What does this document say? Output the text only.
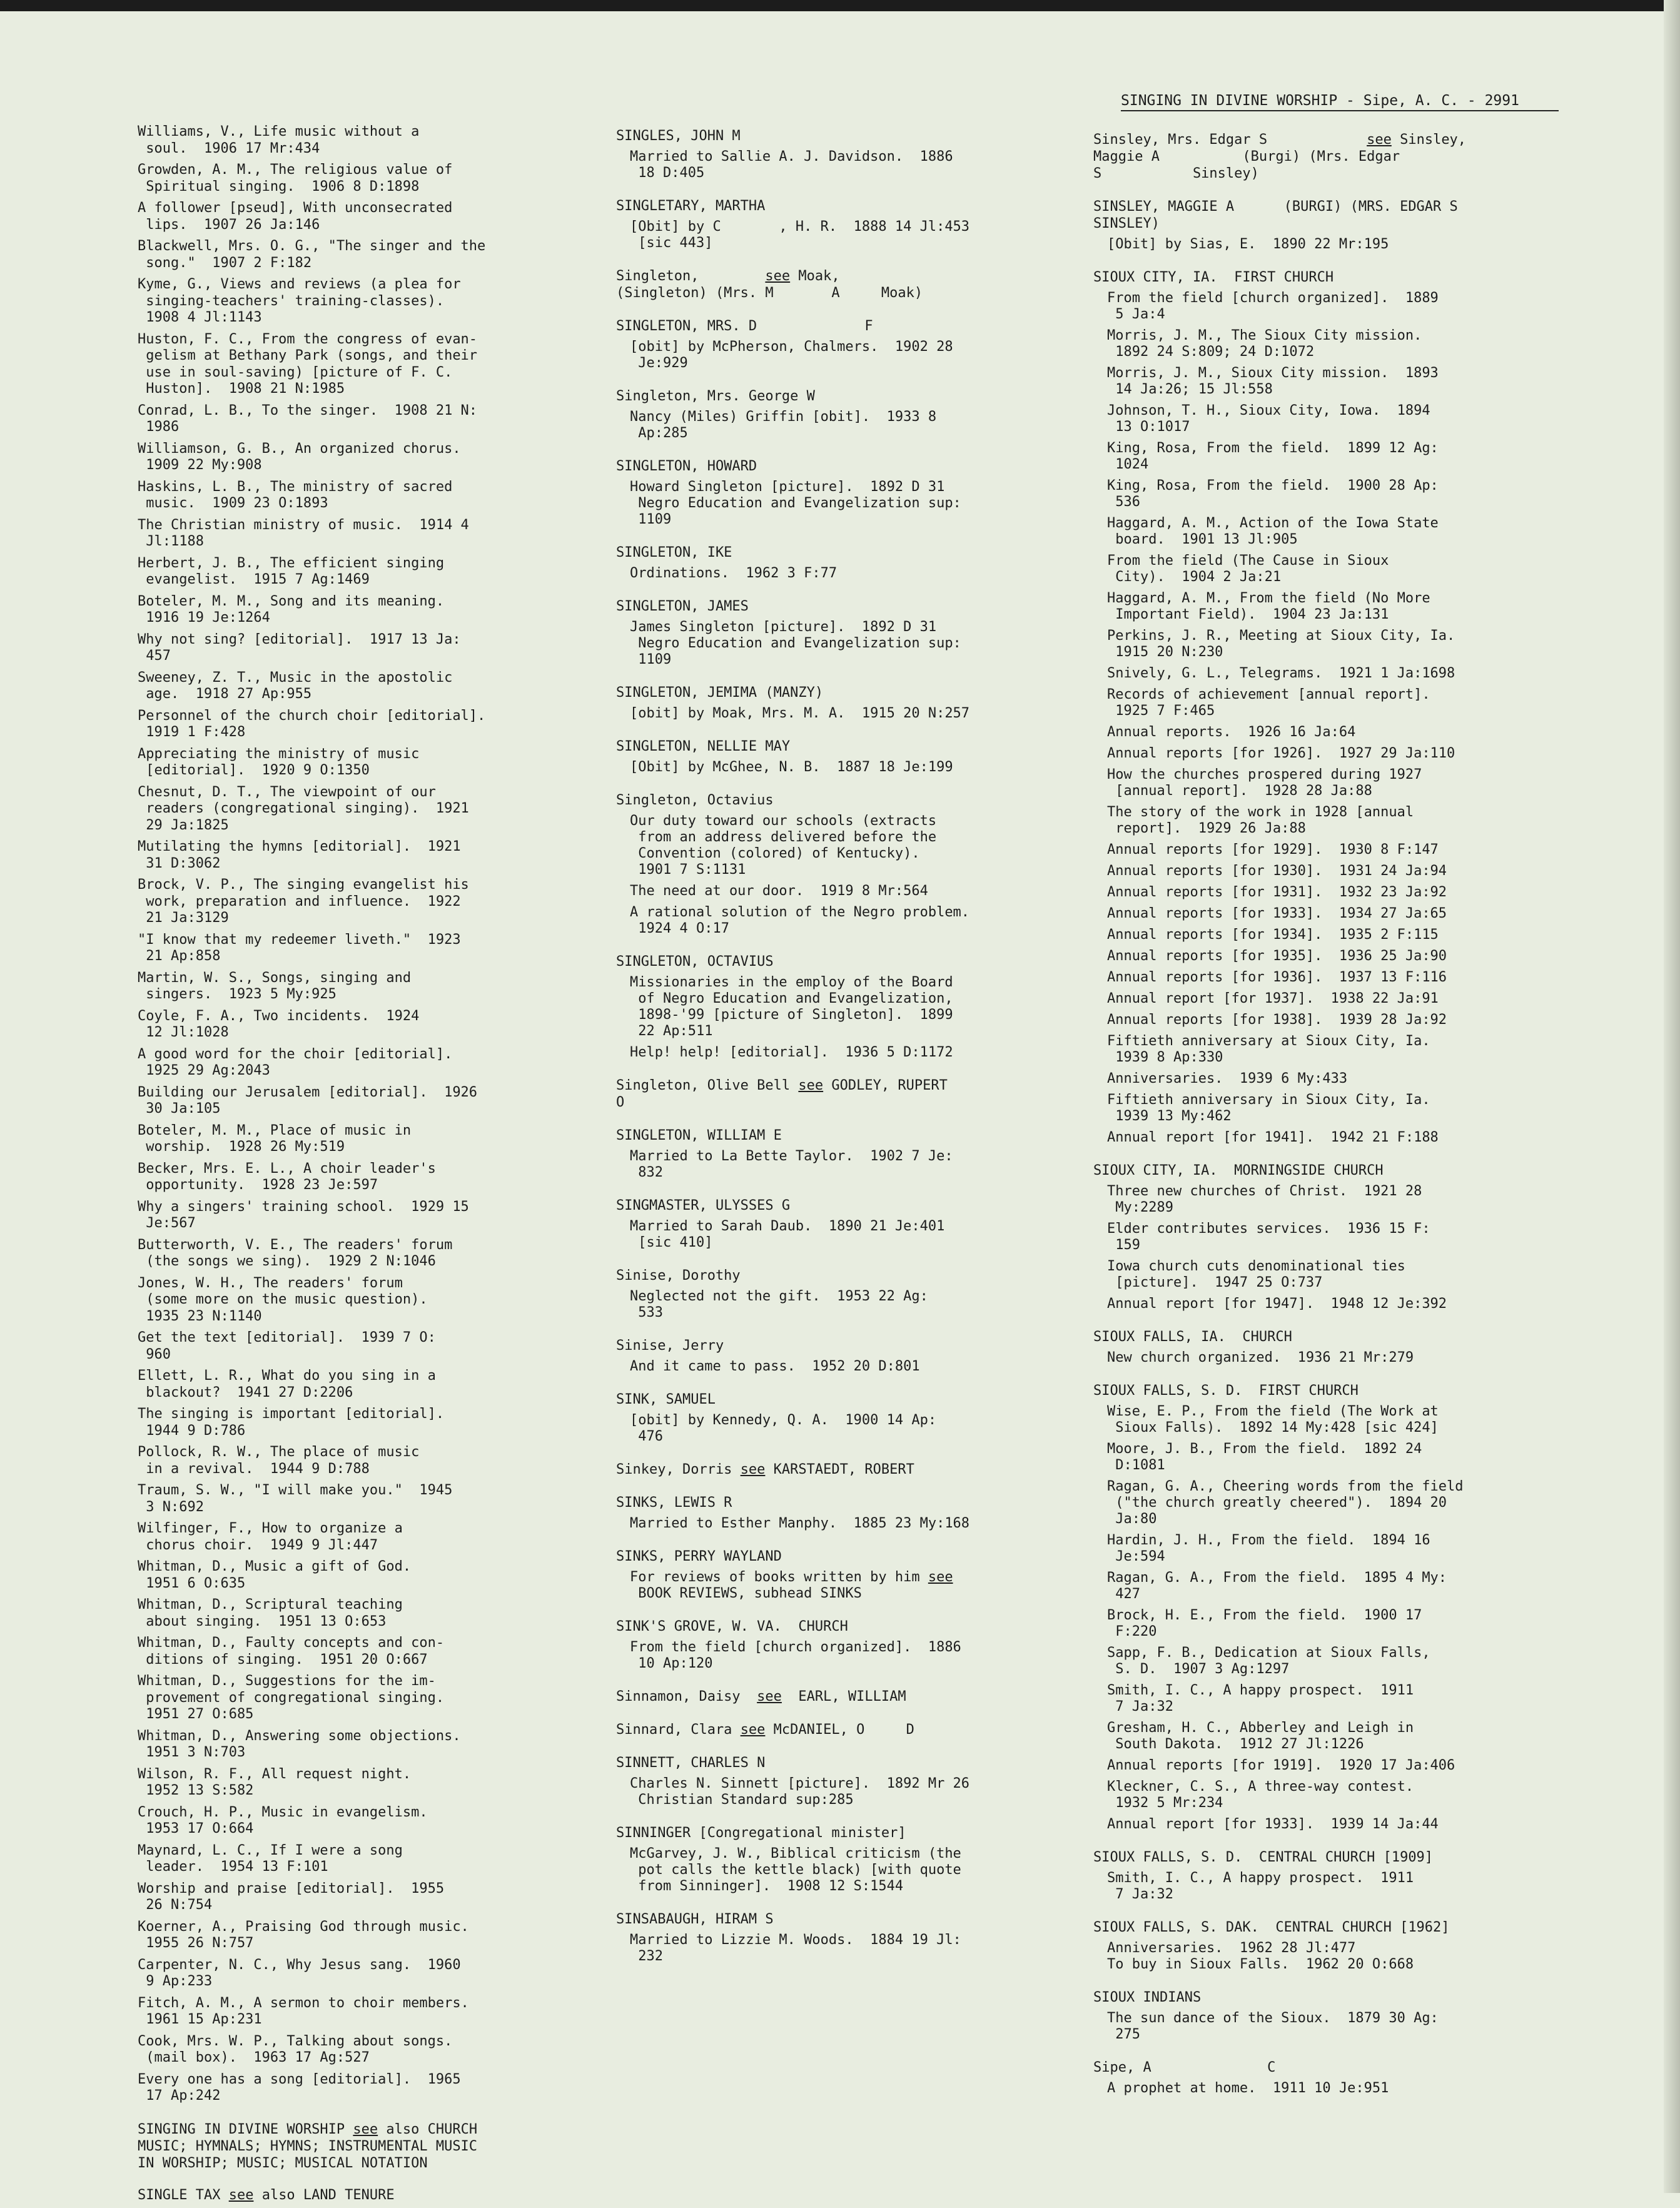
SINGING IN DIVINE WORSHIP - Sipe, A. C. - 2991
Williams, V., Life music without a
soul.  1906 17 Mr:434
Growden, A. M., The religious value of
Spiritual singing.  1906 8 D:1898
A follower [pseud], With unconsecrated
lips.  1907 26 Ja:146
Blackwell, Mrs. O. G., "The singer and the
song."  1907 2 F:182
Kyme, G., Views and reviews (a plea for
singing-teachers' training-classes).
1908 4 Jl:1143
Huston, F. C., From the congress of evan-
gelism at Bethany Park (songs, and their
use in soul-saving) [picture of F. C.
Huston].  1908 21 N:1985
Conrad, L. B., To the singer.  1908 21 N:
1986
Williamson, G. B., An organized chorus.
1909 22 My:908
Haskins, L. B., The ministry of sacred
music.  1909 23 O:1893
The Christian ministry of music.  1914 4
Jl:1188
Herbert, J. B., The efficient singing
evangelist.  1915 7 Ag:1469
Boteler, M. M., Song and its meaning.
1916 19 Je:1264
Why not sing? [editorial].  1917 13 Ja:
457
Sweeney, Z. T., Music in the apostolic
age.  1918 27 Ap:955
Personnel of the church choir [editorial].
1919 1 F:428
Appreciating the ministry of music
[editorial].  1920 9 O:1350
Chesnut, D. T., The viewpoint of our
readers (congregational singing).  1921
29 Ja:1825
Mutilating the hymns [editorial].  1921
31 D:3062
Brock, V. P., The singing evangelist his
work, preparation and influence.  1922
21 Ja:3129
"I know that my redeemer liveth."  1923
21 Ap:858
Martin, W. S., Songs, singing and
singers.  1923 5 My:925
Coyle, F. A., Two incidents.  1924
12 Jl:1028
A good word for the choir [editorial].
1925 29 Ag:2043
Building our Jerusalem [editorial].  1926
30 Ja:105
Boteler, M. M., Place of music in
worship.  1928 26 My:519
Becker, Mrs. E. L., A choir leader's
opportunity.  1928 23 Je:597
Why a singers' training school.  1929 15
Je:567
Butterworth, V. E., The readers' forum
(the songs we sing).  1929 2 N:1046
Jones, W. H., The readers' forum
(some more on the music question).
1935 23 N:1140
Get the text [editorial].  1939 7 O:
960
Ellett, L. R., What do you sing in a
blackout?  1941 27 D:2206
The singing is important [editorial].
1944 9 D:786
Pollock, R. W., The place of music
in a revival.  1944 9 D:788
Traum, S. W., "I will make you."  1945
3 N:692
Wilfinger, F., How to organize a
chorus choir.  1949 9 Jl:447
Whitman, D., Music a gift of God.
1951 6 O:635
Whitman, D., Scriptural teaching
about singing.  1951 13 O:653
Whitman, D., Faulty concepts and con-
ditions of singing.  1951 20 O:667
Whitman, D., Suggestions for the im-
provement of congregational singing.
1951 27 O:685
Whitman, D., Answering some objections.
1951 3 N:703
Wilson, R. F., All request night.
1952 13 S:582
Crouch, H. P., Music in evangelism.
1953 17 O:664
Maynard, L. C., If I were a song
leader.  1954 13 F:101
Worship and praise [editorial].  1955
26 N:754
Koerner, A., Praising God through music.
1955 26 N:757
Carpenter, N. C., Why Jesus sang.  1960
9 Ap:233
Fitch, A. M., A sermon to choir members.
1961 15 Ap:231
Cook, Mrs. W. P., Talking about songs.
(mail box).  1963 17 Ag:527
Every one has a song [editorial].  1965
17 Ap:242
SINGING IN DIVINE WORSHIP see also CHURCH
MUSIC; HYMNALS; HYMNS; INSTRUMENTAL MUSIC
IN WORSHIP; MUSIC; MUSICAL NOTATION
SINGLE TAX see also LAND TENURE
SINGLES, JOHN M
Married to Sallie A. J. Davidson.  1886
18 D:405
SINGLETARY, MARTHA
[Obit] by C       , H. R.  1888 14 Jl:453
[sic 443]
Singleton,        see Moak,
(Singleton) (Mrs. M       A     Moak)
SINGLETON, MRS. D             F
[obit] by McPherson, Chalmers.  1902 28
Je:929
Singleton, Mrs. George W
Nancy (Miles) Griffin [obit].  1933 8
Ap:285
SINGLETON, HOWARD
Howard Singleton [picture].  1892 D 31
Negro Education and Evangelization sup:
1109
SINGLETON, IKE
Ordinations.  1962 3 F:77
SINGLETON, JAMES
James Singleton [picture].  1892 D 31
Negro Education and Evangelization sup:
1109
SINGLETON, JEMIMA (MANZY)
[obit] by Moak, Mrs. M. A.  1915 20 N:257
SINGLETON, NELLIE MAY
[Obit] by McGhee, N. B.  1887 18 Je:199
Singleton, Octavius
Our duty toward our schools (extracts
from an address delivered before the
Convention (colored) of Kentucky).
1901 7 S:1131
The need at our door.  1919 8 Mr:564
A rational solution of the Negro problem.
1924 4 O:17
SINGLETON, OCTAVIUS
Missionaries in the employ of the Board
of Negro Education and Evangelization,
1898-'99 [picture of Singleton].  1899
22 Ap:511
Help! help! [editorial].  1936 5 D:1172
Singleton, Olive Bell see GODLEY, RUPERT
O
SINGLETON, WILLIAM E
Married to La Bette Taylor.  1902 7 Je:
832
SINGMASTER, ULYSSES G
Married to Sarah Daub.  1890 21 Je:401
[sic 410]
Sinise, Dorothy
Neglected not the gift.  1953 22 Ag:
533
Sinise, Jerry
And it came to pass.  1952 20 D:801
SINK, SAMUEL
[obit] by Kennedy, Q. A.  1900 14 Ap:
476
Sinkey, Dorris see KARSTAEDT, ROBERT
SINKS, LEWIS R
Married to Esther Manphy.  1885 23 My:168
SINKS, PERRY WAYLAND
For reviews of books written by him see
BOOK REVIEWS, subhead SINKS
SINK'S GROVE, W. VA.  CHURCH
From the field [church organized].  1886
10 Ap:120
Sinnamon, Daisy  see  EARL, WILLIAM
Sinnard, Clara see McDANIEL, O     D
SINNETT, CHARLES N
Charles N. Sinnett [picture].  1892 Mr 26
Christian Standard sup:285
SINNINGER [Congregational minister]
McGarvey, J. W., Biblical criticism (the
pot calls the kettle black) [with quote
from Sinninger].  1908 12 S:1544
SINSABAUGH, HIRAM S
Married to Lizzie M. Woods.  1884 19 Jl:
232
Sinsley, Mrs. Edgar S            see Sinsley,
Maggie A          (Burgi) (Mrs. Edgar
S           Sinsley)
SINSLEY, MAGGIE A      (BURGI) (MRS. EDGAR S
SINSLEY)
[Obit] by Sias, E.  1890 22 Mr:195
SIOUX CITY, IA.  FIRST CHURCH
From the field [church organized].  1889
5 Ja:4
Morris, J. M., The Sioux City mission.
1892 24 S:809; 24 D:1072
Morris, J. M., Sioux City mission.  1893
14 Ja:26; 15 Jl:558
Johnson, T. H., Sioux City, Iowa.  1894
13 O:1017
King, Rosa, From the field.  1899 12 Ag:
1024
King, Rosa, From the field.  1900 28 Ap:
536
Haggard, A. M., Action of the Iowa State
board.  1901 13 Jl:905
From the field (The Cause in Sioux
City).  1904 2 Ja:21
Haggard, A. M., From the field (No More
Important Field).  1904 23 Ja:131
Perkins, J. R., Meeting at Sioux City, Ia.
1915 20 N:230
Snively, G. L., Telegrams.  1921 1 Ja:1698
Records of achievement [annual report].
1925 7 F:465
Annual reports.  1926 16 Ja:64
Annual reports [for 1926].  1927 29 Ja:110
How the churches prospered during 1927
[annual report].  1928 28 Ja:88
The story of the work in 1928 [annual
report].  1929 26 Ja:88
Annual reports [for 1929].  1930 8 F:147
Annual reports [for 1930].  1931 24 Ja:94
Annual reports [for 1931].  1932 23 Ja:92
Annual reports [for 1933].  1934 27 Ja:65
Annual reports [for 1934].  1935 2 F:115
Annual reports [for 1935].  1936 25 Ja:90
Annual reports [for 1936].  1937 13 F:116
Annual report [for 1937].  1938 22 Ja:91
Annual reports [for 1938].  1939 28 Ja:92
Fiftieth anniversary at Sioux City, Ia.
1939 8 Ap:330
Anniversaries.  1939 6 My:433
Fiftieth anniversary in Sioux City, Ia.
1939 13 My:462
Annual report [for 1941].  1942 21 F:188
SIOUX CITY, IA.  MORNINGSIDE CHURCH
Three new churches of Christ.  1921 28
My:2289
Elder contributes services.  1936 15 F:
159
Iowa church cuts denominational ties
[picture].  1947 25 O:737
Annual report [for 1947].  1948 12 Je:392
SIOUX FALLS, IA.  CHURCH
New church organized.  1936 21 Mr:279
SIOUX FALLS, S. D.  FIRST CHURCH
Wise, E. P., From the field (The Work at
Sioux Falls).  1892 14 My:428 [sic 424]
Moore, J. B., From the field.  1892 24
D:1081
Ragan, G. A., Cheering words from the field
("the church greatly cheered").  1894 20
Ja:80
Hardin, J. H., From the field.  1894 16
Je:594
Ragan, G. A., From the field.  1895 4 My:
427
Brock, H. E., From the field.  1900 17
F:220
Sapp, F. B., Dedication at Sioux Falls,
S. D.  1907 3 Ag:1297
Smith, I. C., A happy prospect.  1911
7 Ja:32
Gresham, H. C., Abberley and Leigh in
South Dakota.  1912 27 Jl:1226
Annual reports [for 1919].  1920 17 Ja:406
Kleckner, C. S., A three-way contest.
1932 5 Mr:234
Annual report [for 1933].  1939 14 Ja:44
SIOUX FALLS, S. D.  CENTRAL CHURCH [1909]
Smith, I. C., A happy prospect.  1911
7 Ja:32
SIOUX FALLS, S. DAK.  CENTRAL CHURCH [1962]
Anniversaries.  1962 28 Jl:477
To buy in Sioux Falls.  1962 20 O:668
SIOUX INDIANS
The sun dance of the Sioux.  1879 30 Ag:
275
Sipe, A              C
A prophet at home.  1911 10 Je:951
